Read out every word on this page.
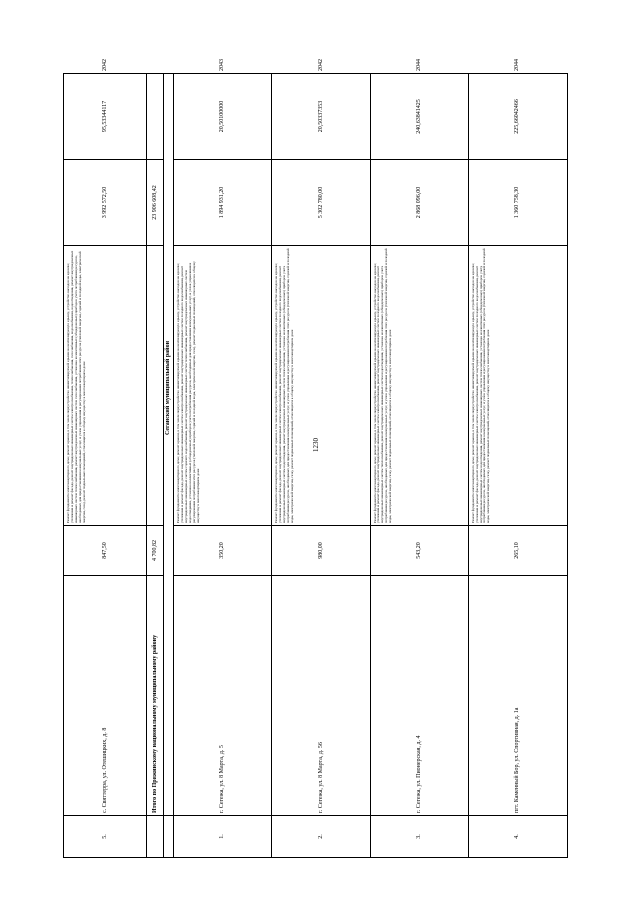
1230
5.	с. Святтерра, ул. Отешицких, д. 8	847,50	Ремонт фундамента многоквартирного дома; ремонт крыши, в том числе переустройство невентилируемой крыши на вентилируемую крышу, устройство выходов на кровлю; утепление и ремонт фасада, ремонт внутридомовых инженерных систем электроснабжения, теплоснабжения, газоснабжения, водоснабжения, водоотведения, ремонт внутридомовых инженерных систем теплоснабжения, ремонт внутридомовых инженерных систем газоснабжения, установка коллективных (общедомовых) приборов учета потребления ресурсов, необходимых для предоставления коммунальных услуг, и узлов управления и регулирования потребления этих ресурсов (тепловой энергии, горячей и холодной воды, электрической энергии, газа), ремонт подвальных помещений, относящихся к общему имуществу в многоквартирном доме	3 992 572,50	95,53344117	2042
	Итого по Пряжинскому национальному муниципальному району	4 700,82		23 906 608,42		
	Сеганский муниципальный район					
1.	г. Сегежа, ул. 8 Марта, д. 5	350,20	Ремонт фундамента многоквартирного дома; ремонт крыши, в том числе переустройство невентилируемой крыши на вентилируемую крышу, устройство выходов на кровлю; утепление и ремонт фасада, ремонт внутридомовых инженерных систем электроснабжения, ремонт внутридомовых инженерных систем холодного водоснабжения, ремонт внутридомовых инженерных систем горячего водоснабжения, ремонт внутридомовых инженерных систем теплоснабжения, ремонт внутридомовых инженерных систем водоотведения, установка коллективных (общедомовых) приборов учета потребления ресурсов, необходимых для предоставления коммунальных услуг, и узлов управления и регулирования потребления этих ресурсов (тепловой энергии, горячей и холодной воды, электрической энергии, газа), ремонт подвальных помещений, относящихся к общему имуществу в многоквартирном доме	1 894 931,20	20,50100000	2043
2.	г. Сегежа, ул. 8 Марта, д. 56	980,00	Ремонт фундамента многоквартирного дома; ремонт крыши, в том числе переустройство невентилируемой крыши на вентилируемую крышу, устройство выходов на кровлю; утепление и ремонт фасада, ремонт внутридомовых инженерных систем электроснабжения, ремонт внутридомовых инженерных систем холодного водоснабжения, ремонт внутридомовых инженерных систем водоотведения, ремонт внутридомовых инженерных систем теплоснабжения, установка коллективных (общедомовых) приборов учета потребления ресурсов, необходимых для предоставления коммунальных услуг, и узлов управления и регулирования потребления этих ресурсов (тепловой энергии, горячей и холодной воды, электрической энергии, газа), ремонт подвальных помещений, относящихся к общему имуществу в многоквартирном доме	5 302 780,00	20,50337353	2042
3.	г. Сегежа, ул. Пионерская, д. 4	543,20	Ремонт фундамента многоквартирного дома; ремонт крыши, в том числе переустройство невентилируемой крыши на вентилируемую крышу, устройство выходов на кровлю; утепление и ремонт фасада, ремонт внутридомовых инженерных систем электроснабжения, ремонт внутридомовых инженерных систем холодного водоснабжения, ремонт внутридомовых инженерных систем теплоснабжения, ремонт внутридомовых инженерных систем водоотведения, установка коллективных (общедомовых) приборов учета потребления ресурсов, необходимых для предоставления коммунальных услуг, и узлов управления и регулирования потребления этих ресурсов (тепловой энергии, горячей и холодной воды, электрической энергии, газа), ремонт подвальных помещений, относящихся к общему имуществу в многоквартирном доме	2 868 096,00	240,63841425	2044
4.	пгт. Каменный Бор, ул. Спортивная, д. 1а	265,10	Ремонт фундамента многоквартирного дома; ремонт крыши, в том числе переустройство невентилируемой крыши на вентилируемую крышу, устройство выходов на кровлю; утепление и ремонт фасада, ремонт внутридомовых инженерных систем электроснабжения, ремонт внутридомовых инженерных систем холодного водоснабжения, ремонт внутридомовых инженерных систем водоотведения, ремонт внутридомовых инженерных систем теплоснабжения, установка коллективных (общедомовых) приборов учета потребления ресурсов, необходимых для предоставления коммунальных услуг, и узлов управления и регулирования потребления этих ресурсов (тепловой энергии, горячей и холодной воды, электрической энергии, газа), ремонт подвальных помещений, относящихся к общему имуществу в многоквартирном доме	1 360 758,30	225,66042466	2044
